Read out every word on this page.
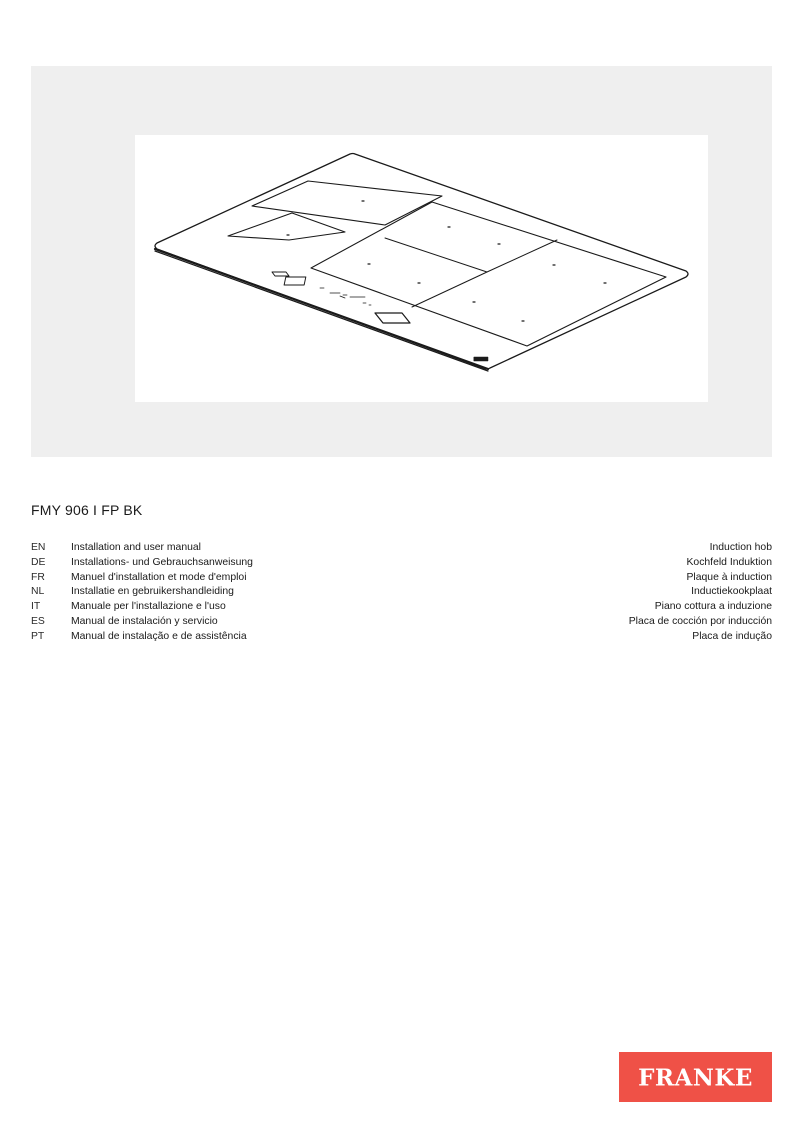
FMY 906 I FP BK
EN Installation and user manual	Induction hob
DE Installations- und Gebrauchsanweisung	Kochfeld Induktion
FR	Manuel d'installation et mode d'emploi	Plaque à induction
NL	Installatie en gebruikershandleiding	Inductiekookplaat
IT	Manuale per l'installazione e l'uso	Piano cottura a induzione
ES	Manual de instalación y servicio	Placa de cocción por inducción
PT	Manual de instalação e de assistência	Placa de indução
FRANKE
